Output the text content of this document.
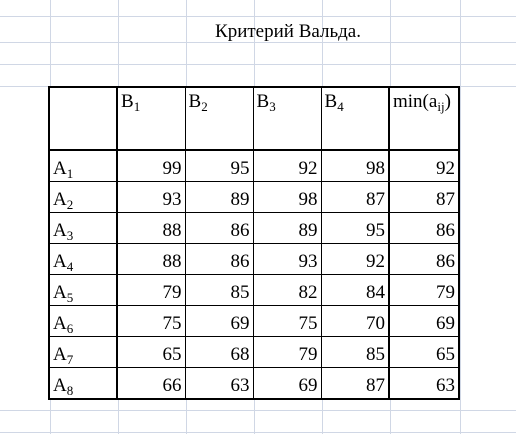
Критерий Вальда.
	$B_1$	$B_2$	$B_3$	$B_4$	$\min(a_{ij})$
$A_1$	99	95	92	98	92
$A_2$	93	89	98	87	87
$A_3$	88	86	89	95	86
$A_4$	88	86	93	92	86
$A_5$	79	85	82	84	79
$A_6$	75	69	75	70	69
$A_7$	65	68	79	85	65
$A_8$	66	63	69	87	63
